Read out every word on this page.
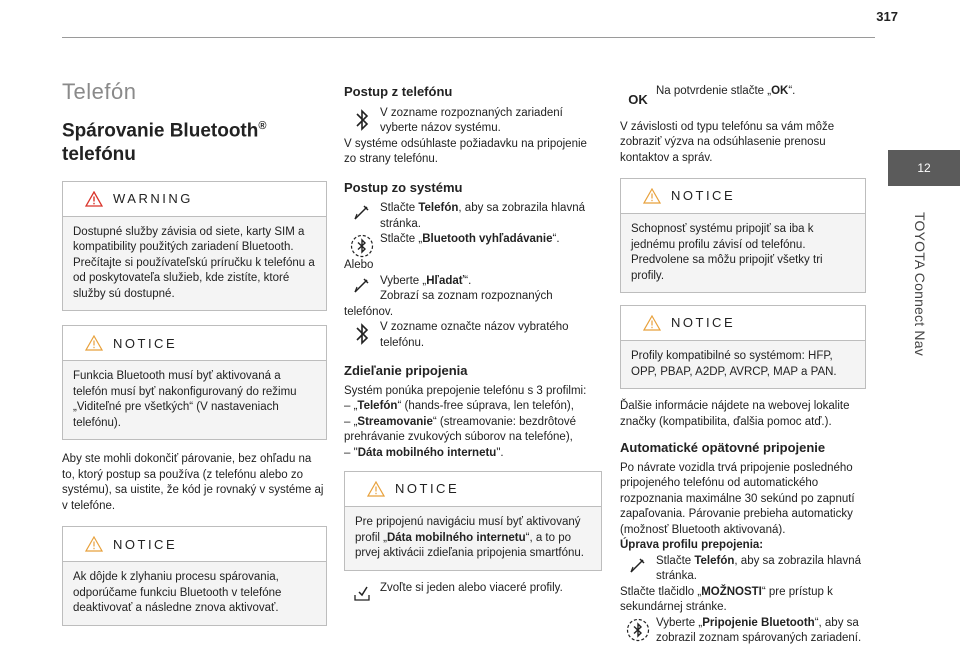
317
12
TOYOTA Connect Nav
Telefón
Spárovanie Bluetooth®
telefónu
WARNING

Dostupné služby závisia od siete, karty SIM a kompatibility použitých zariadení Bluetooth. Prečítajte si používateľskú príručku k telefónu a od poskytovateľa služieb, kde zistíte, ktoré služby sú dostupné.

NOTICE

Funkcia Bluetooth musí byť aktivovaná a telefón musí byť nakonfigurovaný do režimu „Viditeľné pre všetkých“ (V nastaveniach telefónu).

Aby ste mohli dokončiť párovanie, bez ohľadu na to, ktorý postup sa používa (z telefónu alebo zo systému), sa uistite, že kód je rovnaký v systéme aj v telefóne.

NOTICE

Ak dôjde k zlyhaniu procesu spárovania, odporúčame funkciu Bluetooth v telefóne deaktivovať a následne znova aktivovať.

Postup z telefónu

V zozname rozpoznaných zariadení vyberte názov systému.

V systéme odsúhlaste požiadavku na pripojenie zo strany telefónu.

Postup zo systému

Stlačte Telefón, aby sa zobrazila hlavná stránka.

Stlačte „Bluetooth vyhľadávanie“.

Alebo

Vyberte „Hľadať“.
Zobrazí sa zoznam rozpoznaných

telefónov.

V zozname označte názov vybratého telefónu.

Zdieľanie pripojenia

Systém ponúka prepojenie telefónu s 3 profilmi:

– „Telefón“ (hands-free súprava, len telefón),

– „Streamovanie“ (streamovanie: bezdrôtové prehrávanie zvukových súborov na telefóne),

– "Dáta mobilného internetu".

NOTICE

Pre pripojenú navigáciu musí byť aktivovaný profil „Dáta mobilného internetu“, a to po prvej aktivácii zdieľania pripojenia smartfónu.

Zvoľte si jeden alebo viaceré profily.

OK

Na potvrdenie stlačte „OK“.

V závislosti od typu telefónu sa vám môže zobraziť výzva na odsúhlasenie prenosu kontaktov a správ.

NOTICE

Schopnosť systému pripojiť sa iba k jednému profilu závisí od telefónu. Predvolene sa môžu pripojiť všetky tri profily.

NOTICE

Profily kompatibilné so systémom: HFP, OPP, PBAP, A2DP, AVRCP, MAP a PAN.

Ďalšie informácie nájdete na webovej lokalite značky (kompatibilita, ďalšia pomoc atď.).

Automatické opätovné pripojenie

Po návrate vozidla trvá pripojenie posledného pripojeného telefónu od automatického rozpoznania maximálne 30 sekúnd po zapnutí zapaľovania. Párovanie prebieha automaticky (možnosť Bluetooth aktivovaná).

Úprava profilu prepojenia:

Stlačte Telefón, aby sa zobrazila hlavná stránka.

Stlačte tlačidlo „MOŽNOSTI“ pre prístup k sekundárnej stránke.

Vyberte „Pripojenie Bluetooth“, aby sa zobrazil zoznam spárovaných zariadení.
